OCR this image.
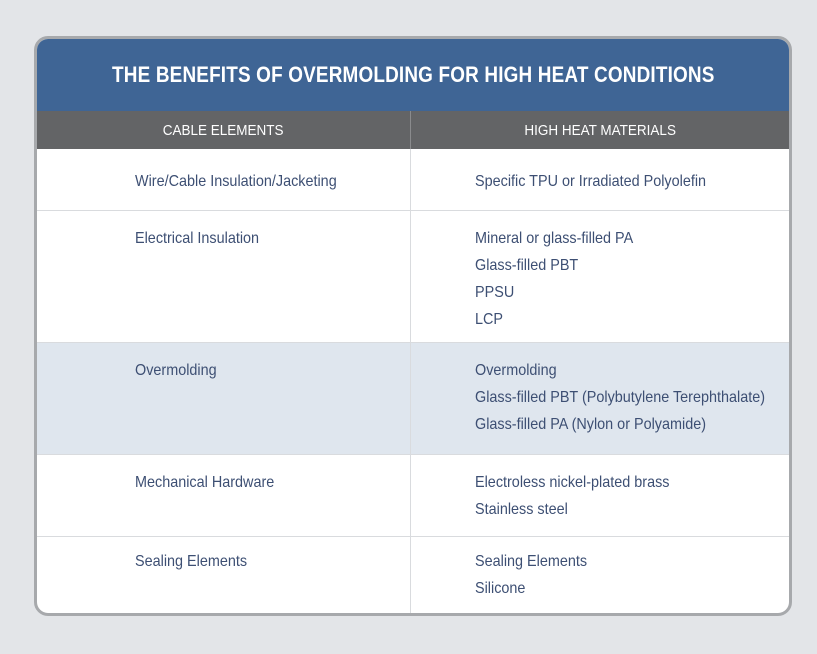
THE BENEFITS OF OVERMOLDING FOR HIGH HEAT CONDITIONS
CABLE ELEMENTS	HIGH HEAT MATERIALS
Wire/Cable Insulation/Jacketing	Specific TPU or Irradiated Polyolefin
Electrical Insulation	Mineral or glass-filled PA
Glass-filled PBT
PPSU
LCP
Overmolding	Overmolding
Glass-filled PBT (Polybutylene Terephthalate)
Glass-filled PA (Nylon or Polyamide)
Mechanical Hardware	Electroless nickel-plated brass
Stainless steel
Sealing Elements	Sealing Elements
Silicone
